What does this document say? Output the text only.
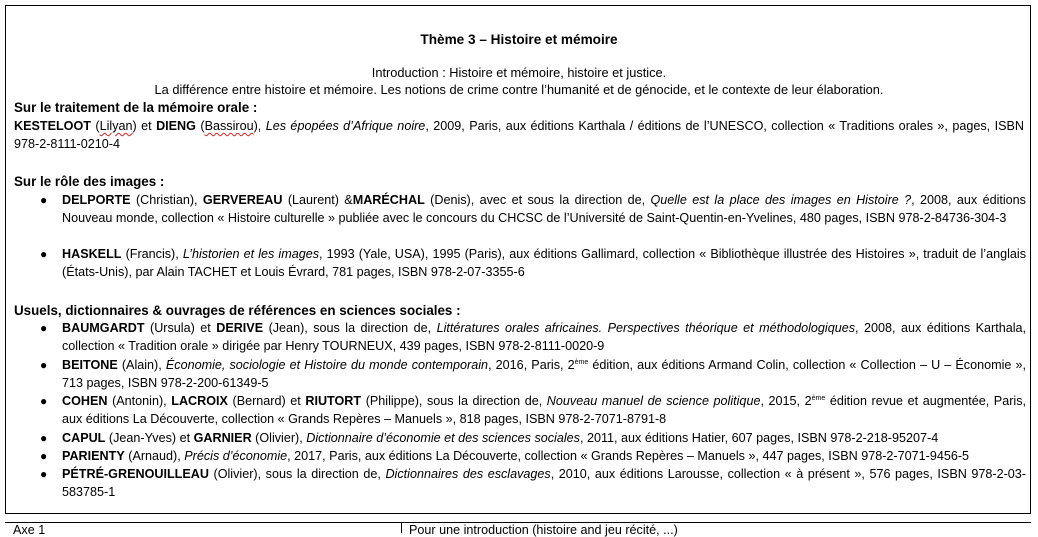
Thème 3 – Histoire et mémoire
Introduction : Histoire et mémoire, histoire et justice.
La différence entre histoire et mémoire. Les notions de crime contre l’humanité et de génocide, et le contexte de leur élaboration.
Sur le traitement de la mémoire orale :
KESTELOOT (Lilyan) et DIENG (Bassirou), Les épopées d’Afrique noire, 2009, Paris, aux éditions Karthala / éditions de l’UNESCO, collection « Traditions orales », pages, ISBN 978-2-8111-0210-4
Sur le rôle des images :
● DELPORTE (Christian), GERVEREAU (Laurent) &MARÉCHAL (Denis), avec et sous la direction de, Quelle est la place des images en Histoire ?, 2008, aux éditions Nouveau monde, collection « Histoire culturelle » publiée avec le concours du CHCSC de l’Université de Saint-Quentin-en-Yvelines, 480 pages, ISBN 978-2-84736-304-3
● HASKELL (Francis), L’historien et les images, 1993 (Yale, USA), 1995 (Paris), aux éditions Gallimard, collection « Bibliothèque illustrée des Histoires », traduit de l’anglais (États-Unis), par Alain TACHET et Louis Évrard, 781 pages, ISBN 978-2-07-3355-6
Usuels, dictionnaires & ouvrages de références en sciences sociales :
● BAUMGARDT (Ursula) et DERIVE (Jean), sous la direction de, Littératures orales africaines. Perspectives théorique et méthodologiques, 2008, aux éditions Karthala, collection « Tradition orale » dirigée par Henry TOURNEUX, 439 pages, ISBN 978-2-8111-0020-9
● BEITONE (Alain), Économie, sociologie et Histoire du monde contemporain, 2016, Paris, 2ème édition, aux éditions Armand Colin, collection « Collection – U – Économie », 713 pages, ISBN 978-2-200-61349-5
● COHEN (Antonin), LACROIX (Bernard) et RIUTORT (Philippe), sous la direction de, Nouveau manuel de science politique, 2015, 2ème édition revue et augmentée, Paris, aux éditions La Découverte, collection « Grands Repères – Manuels », 818 pages, ISBN 978-2-7071-8791-8
● CAPUL (Jean-Yves) et GARNIER (Olivier), Dictionnaire d’économie et des sciences sociales, 2011, aux éditions Hatier, 607 pages, ISBN 978-2-218-95207-4
● PARIENTY (Arnaud), Précis d’économie, 2017, Paris, aux éditions La Découverte, collection « Grands Repères – Manuels », 447 pages, ISBN 978-2-7071-9456-5
● PÉTRÉ-GRENOUILLEAU (Olivier), sous la direction de, Dictionnaires des esclavages, 2010, aux éditions Larousse, collection « à présent », 576 pages, ISBN 978-2-03-583785-1
Axe 1	Pour une introduction (histoire and jeu récité, ...)
